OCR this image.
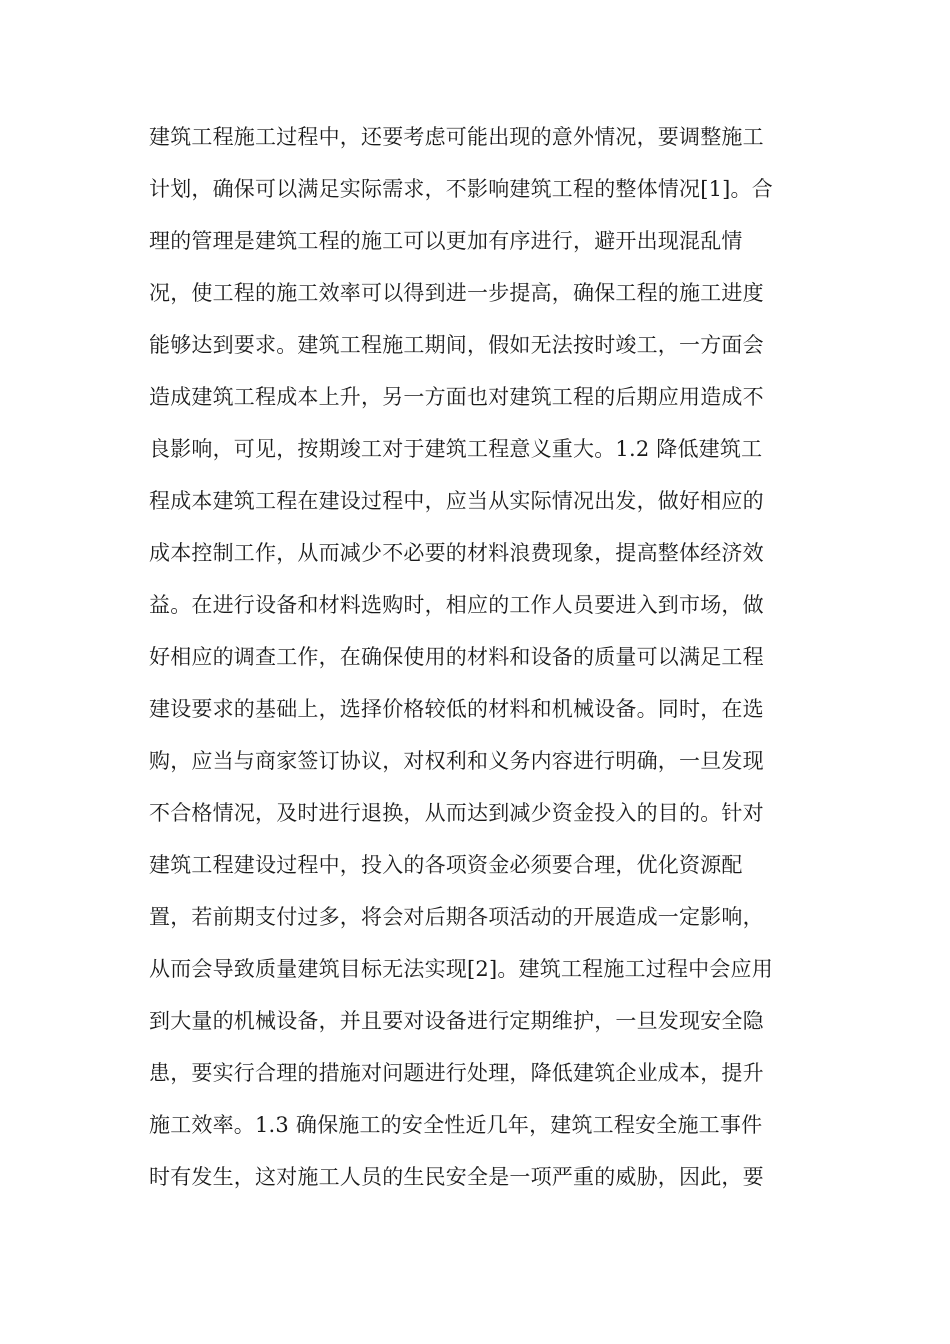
建筑工程施工过程中，还要考虑可能出现的意外情况，要调整施工
计划，确保可以满足实际需求，不影响建筑工程的整体情况[1]。合
理的管理是建筑工程的施工可以更加有序进行，避开出现混乱情
况，使工程的施工效率可以得到进一步提高，确保工程的施工进度
能够达到要求。建筑工程施工期间，假如无法按时竣工，一方面会
造成建筑工程成本上升，另一方面也对建筑工程的后期应用造成不
良影响，可见，按期竣工对于建筑工程意义重大。1.2 降低建筑工
程成本建筑工程在建设过程中，应当从实际情况出发，做好相应的
成本控制工作，从而减少不必要的材料浪费现象，提高整体经济效
益。在进行设备和材料选购时，相应的工作人员要进入到市场，做
好相应的调查工作，在确保使用的材料和设备的质量可以满足工程
建设要求的基础上，选择价格较低的材料和机械设备。同时，在选
购，应当与商家签订协议，对权利和义务内容进行明确，一旦发现
不合格情况，及时进行退换，从而达到减少资金投入的目的。针对
建筑工程建设过程中，投入的各项资金必须要合理，优化资源配
置，若前期支付过多，将会对后期各项活动的开展造成一定影响，
从而会导致质量建筑目标无法实现[2]。建筑工程施工过程中会应用
到大量的机械设备，并且要对设备进行定期维护，一旦发现安全隐
患，要实行合理的措施对问题进行处理，降低建筑企业成本，提升
施工效率。1.3 确保施工的安全性近几年，建筑工程安全施工事件
时有发生，这对施工人员的生民安全是一项严重的威胁，因此，要
